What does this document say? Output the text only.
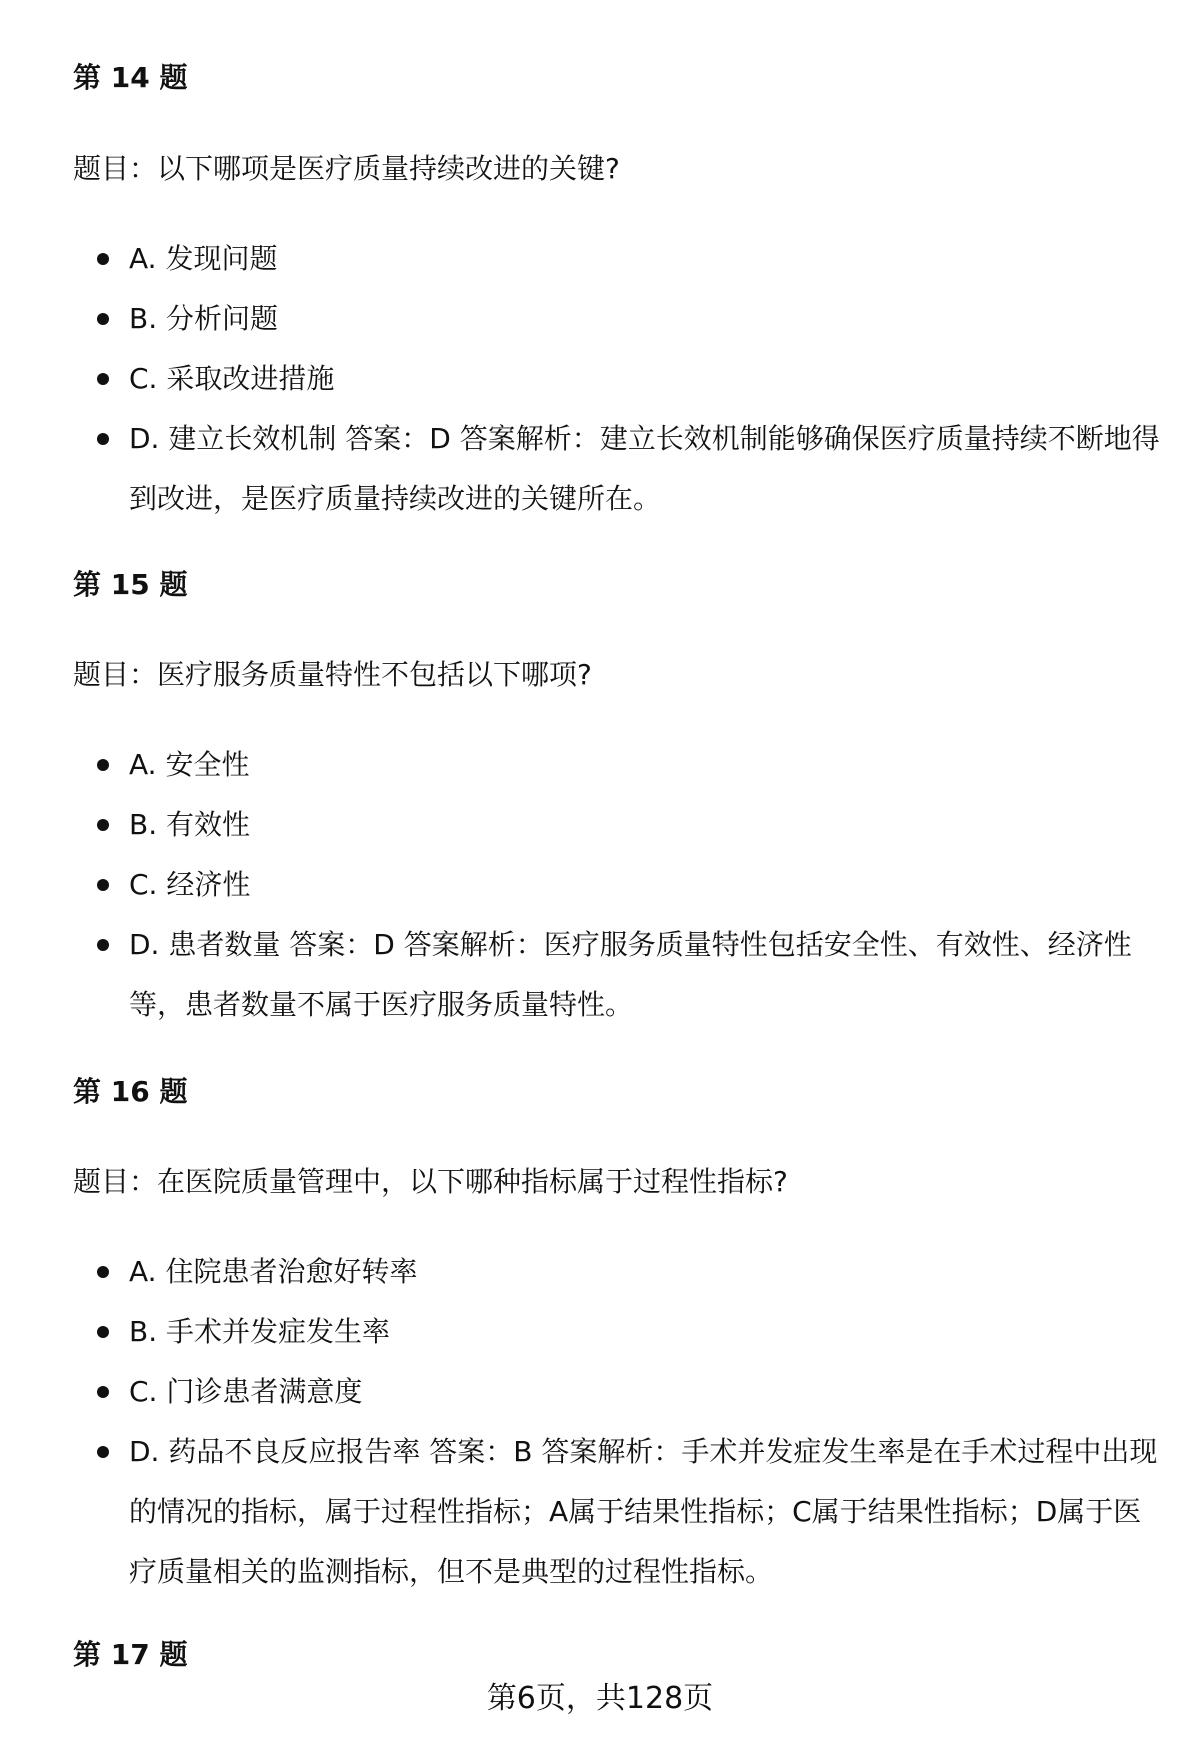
第 14 题
题目：以下哪项是医疗质量持续改进的关键?
A. 发现问题
B. 分析问题
C. 采取改进措施
D. 建立长效机制 答案：D 答案解析：建立长效机制能够确保医疗质量持续不断地得到改进，是医疗质量持续改进的关键所在。
第 15 题
题目：医疗服务质量特性不包括以下哪项?
A. 安全性
B. 有效性
C. 经济性
D. 患者数量 答案：D 答案解析：医疗服务质量特性包括安全性、有效性、经济性等，患者数量不属于医疗服务质量特性。
第 16 题
题目：在医院质量管理中，以下哪种指标属于过程性指标?
A. 住院患者治愈好转率
B. 手术并发症发生率
C. 门诊患者满意度
D. 药品不良反应报告率 答案：B 答案解析：手术并发症发生率是在手术过程中出现的情况的指标，属于过程性指标；A属于结果性指标；C属于结果性指标；D属于医疗质量相关的监测指标，但不是典型的过程性指标。
第 17 题
第6页，共128页
